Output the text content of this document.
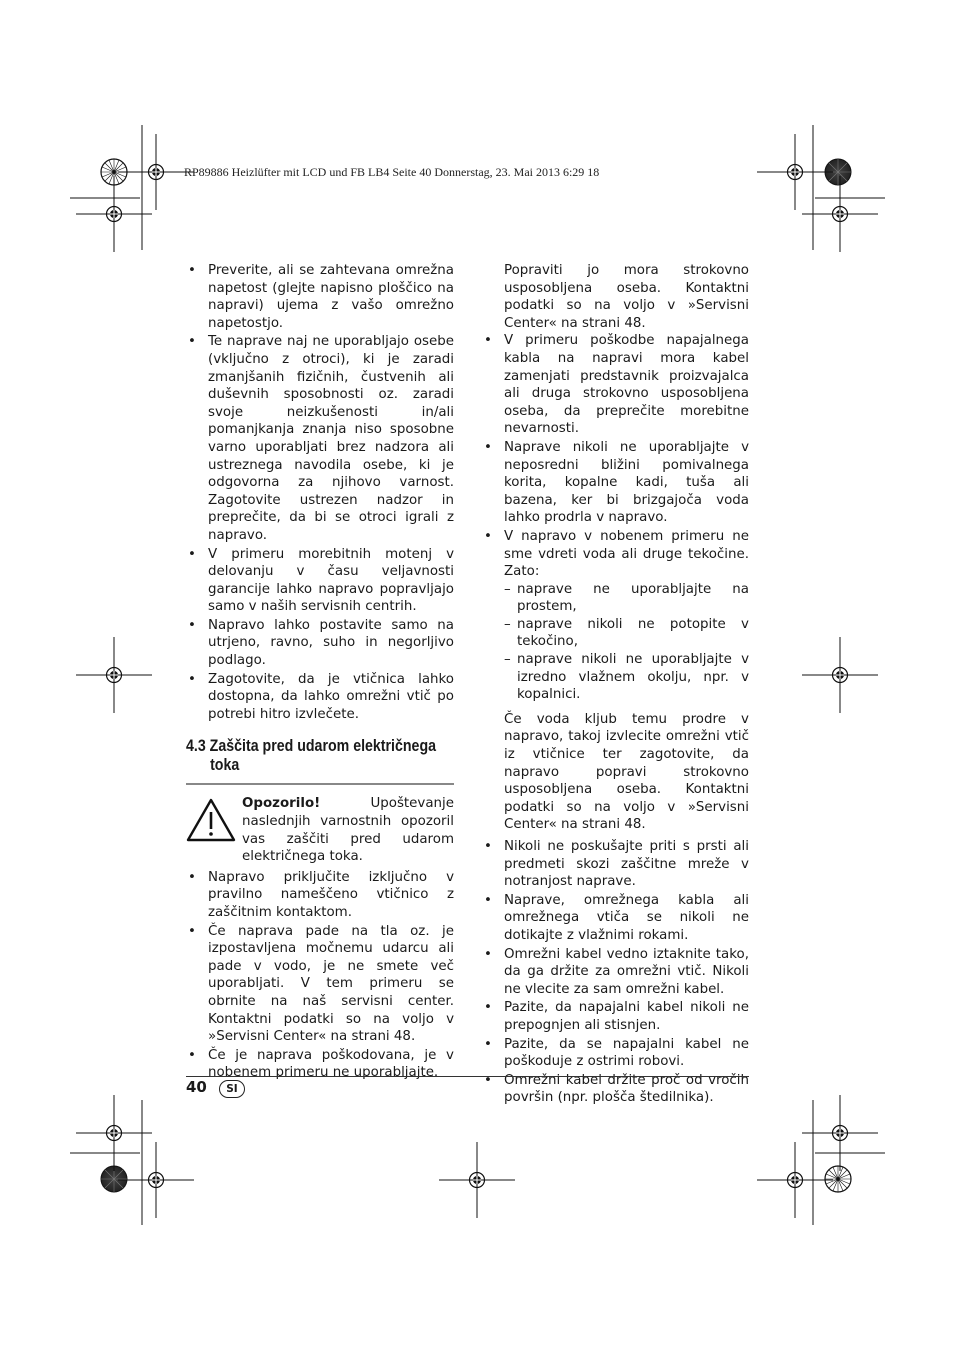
RP89886 Heizlüfter mit LCD und FB LB4 Seite 40 Donnerstag, 23. Mai 2013 6:29 18
• Preverite, ali se zahtevana omrežna napetost (glejte napisno ploščico na napravi) ujema z vašo omrežno napetostjo.
• Te naprave naj ne uporabljajo osebe (vključno z otroci), ki je zaradi zmanjšanih fizičnih, čustvenih ali duševnih sposobnosti oz. zaradi svoje neizkušenosti in/ali pomanjkanja znanja niso sposobne varno uporabljati brez nadzora ali ustreznega navodila osebe, ki je odgovorna za njihovo varnost. Zagotovite ustrezen nadzor in preprečite, da bi se otroci igrali z napravo.
• V primeru morebitnih motenj v delovanju v času veljavnosti garancije lahko napravo popravljajo samo v naših servisnih centrih.
• Napravo lahko postavite samo na utrjeno, ravno, suho in negorljivo podlago.
• Zagotovite, da je vtičnica lahko dostopna, da lahko omrežni vtič po potrebi hitro izvlečete.
4.3 Zaščita pred udarom električnega
toka
Opozorilo!	Upoštevanje naslednjih varnostnih opozoril vas zaščiti pred udarom električnega toka.
• Napravo priključite izključno v pravilno nameščeno vtičnico z zaščitnim kontaktom.
• Če naprava pade na tla oz. je izpostavljena močnemu udarcu ali pade v vodo, je ne smete več uporabljati. V tem primeru se obrnite na naš servisni center. Kontaktni podatki so na voljo v »Servisni Center« na strani 48.
• Če je naprava poškodovana, je v nobenem primeru ne uporabljajte.
Popraviti jo mora strokovno usposobljena oseba. Kontaktni podatki so na voljo v »Servisni Center« na strani 48.
• V primeru poškodbe napajalnega kabla na napravi mora kabel zamenjati predstavnik proizvajalca ali druga strokovno usposobljena oseba, da preprečite morebitne nevarnosti.
• Naprave nikoli ne uporabljajte v neposredni bližini pomivalnega korita, kopalne kadi, tuša ali bazena, ker bi brizgajoča voda lahko prodrla v napravo.
• V napravo v nobenem primeru ne sme vdreti voda ali druge tekočine. Zato:
– naprave ne uporabljajte na prostem,
– naprave nikoli ne potopite v tekočino,
– naprave nikoli ne uporabljajte v izredno vlažnem okolju, npr. v kopalnici.
Če voda kljub temu prodre v napravo, takoj izvlecite omrežni vtič iz vtičnice ter zagotovite, da napravo popravi strokovno usposobljena oseba. Kontaktni podatki so na voljo v »Servisni Center« na strani 48.
• Nikoli ne poskušajte priti s prsti ali predmeti skozi zaščitne mreže v notranjost naprave.
• Naprave, omrežnega kabla ali omrežnega vtiča se nikoli ne dotikajte z vlažnimi rokami.
• Omrežni kabel vedno iztaknite tako, da ga držite za omrežni vtič. Nikoli ne vlecite za sam omrežni kabel.
• Pazite, da napajalni kabel nikoli ne prepognjen ali stisnjen.
• Pazite, da se napajalni kabel ne poškoduje z ostrimi robovi.
• Omrežni kabel držite proč od vročih površin (npr. plošča štedilnika).
40	SI
